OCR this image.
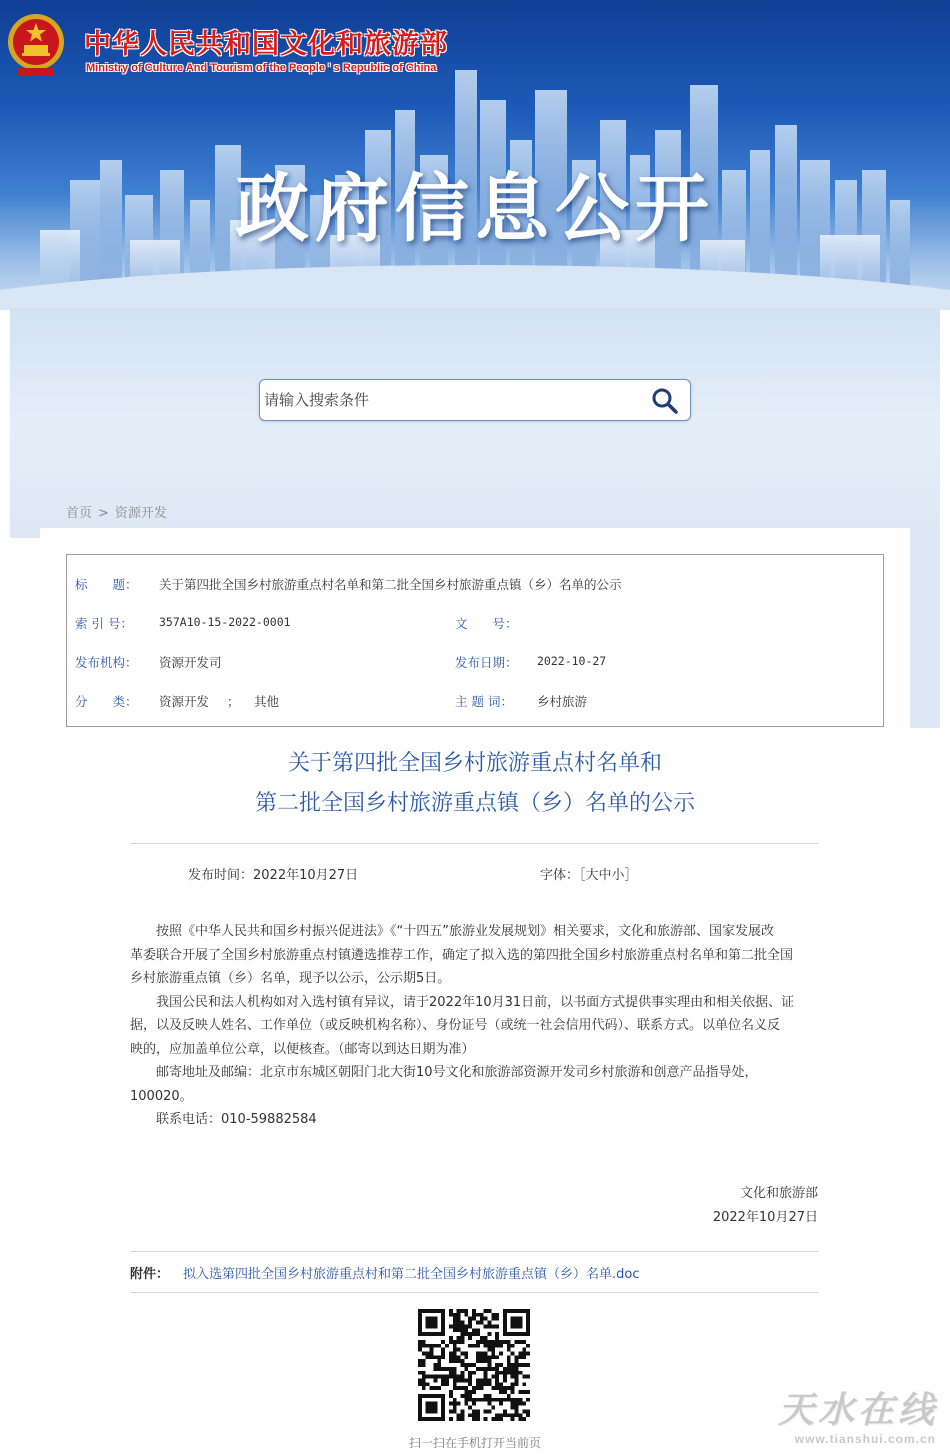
中华人民共和国文化和旅游部
Ministry of Culture And Tourism of the People ' s Republic of China
政府信息公开
请输入搜索条件
首页 > 资源开发
标　　题： 关于第四批全国乡村旅游重点村名单和第二批全国乡村旅游重点镇（乡）名单的公示
索 引 号： 357A10-15-2022-0001	文　　号：
发布机构： 资源开发司	发布日期： 2022-10-27
分　　类： 资源开发 ； 其他	主 题 词： 乡村旅游
关于第四批全国乡村旅游重点村名单和
第二批全国乡村旅游重点镇（乡）名单的公示
发布时间：2022年10月27日	字体：［大中小］

按照《中华人民共和国乡村振兴促进法》《“十四五”旅游业发展规划》相关要求，文化和旅游部、国家发展改

革委联合开展了全国乡村旅游重点村镇遴选推荐工作，确定了拟入选的第四批全国乡村旅游重点村名单和第二批全国

乡村旅游重点镇（乡）名单，现予以公示，公示期5日。

我国公民和法人机构如对入选村镇有异议，请于2022年10月31日前，以书面方式提供事实理由和相关依据、证

据，以及反映人姓名、工作单位（或反映机构名称）、身份证号（或统一社会信用代码）、联系方式。以单位名义反

映的，应加盖单位公章，以便核查。（邮寄以到达日期为准）

邮寄地址及邮编：北京市东城区朝阳门北大街10号文化和旅游部资源开发司乡村旅游和创意产品指导处，

100020。

联系电话：010-59882584

文化和旅游部
2022年10月27日
附件： 拟入选第四批全国乡村旅游重点村和第二批全国乡村旅游重点镇（乡）名单.doc
扫一扫在手机打开当前页
天水在线
www.tianshui.com.cn
